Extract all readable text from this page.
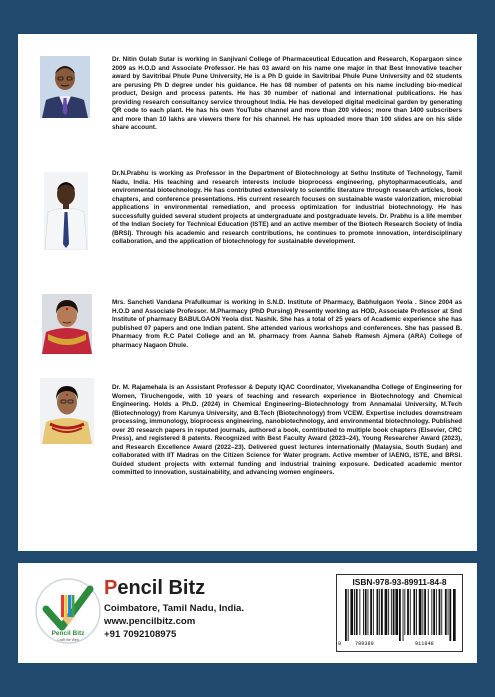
Dr. Nitin Gulab Sutar is working in Sanjivani College of Pharmaceutical Education and Research, Kopargaon since 2009 as H.O.D and Associate Professor. He has 03 award on his name one major in that Best Innovative teacher award by Savitribai Phule Pune University, He is a Ph D guide in Savitribai Phule Pune University and 02 students are perusing Ph D degree under his guidance. He has 08 number of patents on his name including bio-medical product, Design and process patents. He has 30 number of national and international publications. He has providing research consultancy service throughout India. He has developed digital medicinal garden by generating QR code to each plant. He has his own YouTube channel and more than 200 videos; more than 1400 subscribers and more than 10 lakhs are viewers there for his channel. He has uploaded more than 100 slides are on his slide share account.
Dr.N.Prabhu is working as Professor in the Department of Biotechnology at Sethu Institute of Technology, Tamil Nadu, India. His teaching and research interests include bioprocess engineering, phytopharmaceuticals, and environmental biotechnology. He has contributed extensively to scientific literature through research articles, book chapters, and conference presentations. His current research focuses on sustainable waste valorization, microbial applications in environmental remediation, and process optimization for industrial biotechnology. He has successfully guided several student projects at undergraduate and postgraduate levels. Dr. Prabhu is a life member of the Indian Society for Technical Education (ISTE) and an active member of the Biotech Research Society of India (BRSI). Through his academic and research contributions, he continues to promote innovation, interdisciplinary collaboration, and the application of biotechnology for sustainable development.
Mrs. Sancheti Vandana Prafulkumar is working in S.N.D. Institute of Pharmacy, Babhulgaon Yeola . Since 2004 as H.O.D and Associate Professor. M.Pharmacy (PhD Pursing) Presently working as HOD, Associate Professor at Snd Institute of pharmacy BABULGAON Yeola dist. Nashik. She has a total of 25 years of Academic experience she has published 07 papers and one Indian patent. She attended various workshops and conferences. She has passed B. Pharmacy from R.C Patel College and an M. pharmacy from Aanna Saheb Ramesh Ajmera (ARA) College of pharmacy Nagaon Dhule.
Dr. M. Rajamehala is an Assistant Professor & Deputy IQAC Coordinator, Vivekanandha College of Engineering for Women, Tiruchengode, with 10 years of teaching and research experience in Biotechnology and Chemical Engineering. Holds a Ph.D. (2024) in Chemical Engineering–Biotechnology from Annamalai University, M.Tech (Biotechnology) from Karunya University, and B.Tech (Biotechnology) from VCEW. Expertise includes downstream processing, immunology, bioprocess engineering, nanobiotechnology, and environmental biotechnology. Published over 20 research papers in reputed journals, authored a book, contributed to multiple book chapters (Elsevier, CRC Press), and registered 8 patents. Recognized with Best Faculty Award (2023–24), Young Researcher Award (2023), and Research Excellence Award (2022–23). Delivered guest lectures internationally (Malaysia, South Sudan) and collaborated with IIT Madras on the Citizen Science for Water program. Active member of IAENG, ISTE, and BRSI. Guided student projects with external funding and industrial training exposure. Dedicated academic mentor committed to innovation, sustainability, and advancing women engineers.
Pencil Bitz
Craft the Web
Pencil Bitz
Coimbatore, Tamil Nadu, India.
www.pencilbitz.com
+91 7092108975
ISBN-978-93-89911-84-8
9	789389	911848
